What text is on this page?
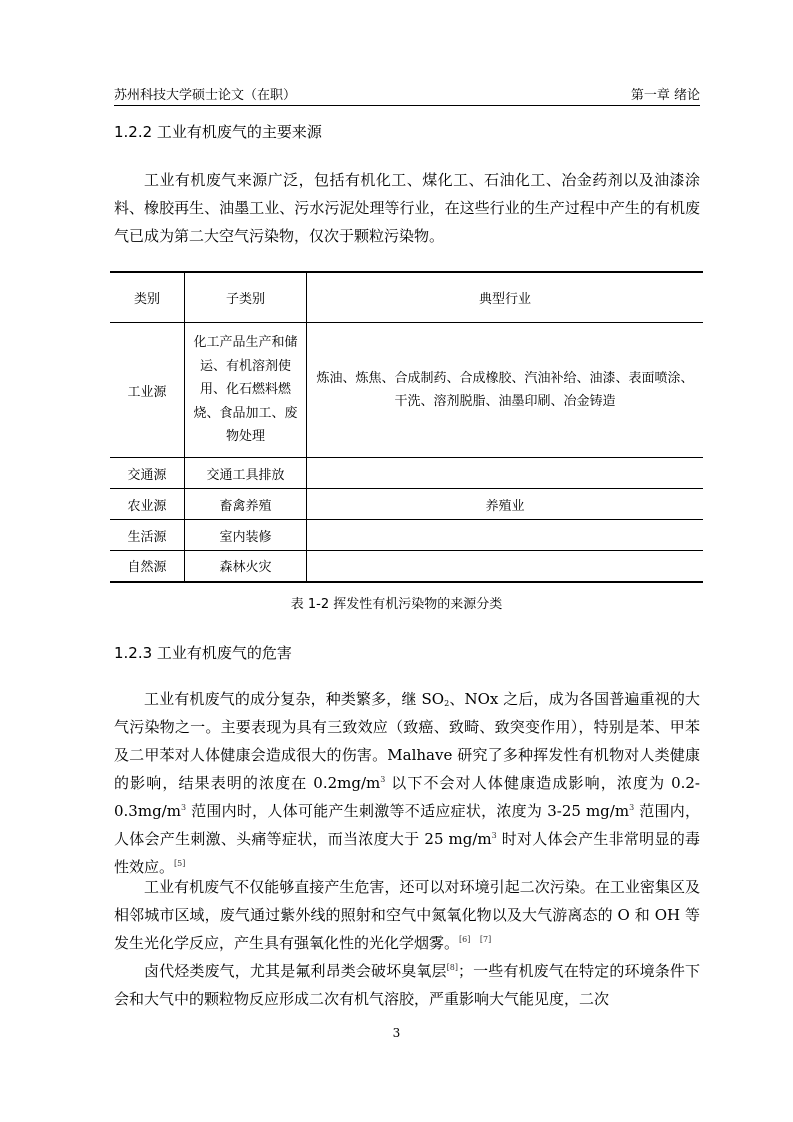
苏州科技大学硕士论文（在职）	第一章 绪论
1.2.2 工业有机废气的主要来源

工业有机废气来源广泛，包括有机化工、煤化工、石油化工、冶金药剂以及油漆涂料、橡胶再生、油墨工业、污水污泥处理等行业，在这些行业的生产过程中产生的有机废气已成为第二大空气污染物，仅次于颗粒污染物。

类别	子类别	典型行业
工业源	化工产品生产和储运、有机溶剂使用、化石燃料燃烧、食品加工、废物处理	炼油、炼焦、合成制药、合成橡胶、汽油补给、油漆、表面喷涂、干洗、溶剂脱脂、油墨印刷、冶金铸造
交通源	交通工具排放	
农业源	畜禽养殖	养殖业
生活源	室内装修	
自然源	森林火灾	
表 1-2 挥发性有机污染物的来源分类
1.2.3 工业有机废气的危害

工业有机废气的成分复杂，种类繁多，继 $SO_2$、NOx 之后，成为各国普遍重视的大气污染物之一。主要表现为具有三致效应（致癌、致畸、致突变作用），特别是苯、甲苯及二甲苯对人体健康会造成很大的伤害。Malhave 研究了多种挥发性有机物对人类健康的影响，结果表明的浓度在 $0.2mg/m^3$ 以下不会对人体健康造成影响，浓度为 $0.2-0.3mg/m^3$ 范围内时，人体可能产生刺激等不适应症状，浓度为 3-25 $mg/m^3$ 范围内，人体会产生刺激、头痛等症状，而当浓度大于 25 $mg/m^3$ 时对人体会产生非常明显的毒性效应。[5]

工业有机废气不仅能够直接产生危害，还可以对环境引起二次污染。在工业密集区及相邻城市区域，废气通过紫外线的照射和空气中氮氧化物以及大气游离态的 O 和 OH 等发生光化学反应，产生具有强氧化性的光化学烟雾。[6] [7]

卤代烃类废气，尤其是氟利昂类会破坏臭氧层[8]；一些有机废气在特定的环境条件下会和大气中的颗粒物反应形成二次有机气溶胶，严重影响大气能见度，二次

3
